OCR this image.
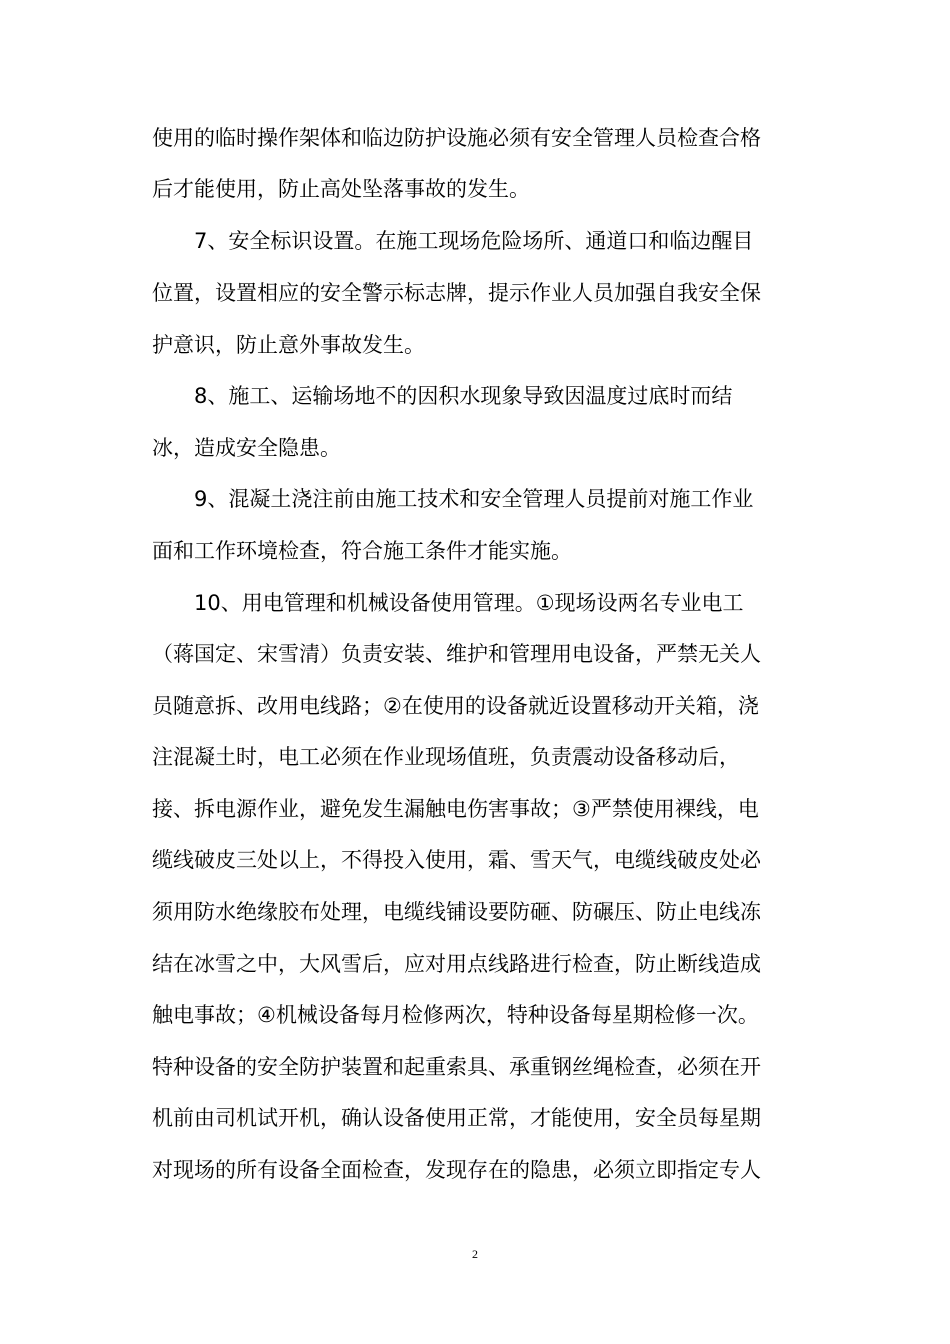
使用的临时操作架体和临边防护设施必须有安全管理人员检查合格
后才能使用，防止高处坠落事故的发生。
7、安全标识设置。在施工现场危险场所、通道口和临边醒目
位置，设置相应的安全警示标志牌，提示作业人员加强自我安全保
护意识，防止意外事故发生。
8、施工、运输场地不的因积水现象导致因温度过底时而结
冰，造成安全隐患。
9、混凝土浇注前由施工技术和安全管理人员提前对施工作业
面和工作环境检查，符合施工条件才能实施。
10、用电管理和机械设备使用管理。①现场设两名专业电工
（蒋国定、宋雪清）负责安装、维护和管理用电设备，严禁无关人
员随意拆、改用电线路；②在使用的设备就近设置移动开关箱，浇
注混凝土时，电工必须在作业现场值班，负责震动设备移动后，
接、拆电源作业，避免发生漏触电伤害事故；③严禁使用裸线，电
缆线破皮三处以上，不得投入使用，霜、雪天气，电缆线破皮处必
须用防水绝缘胶布处理，电缆线铺设要防砸、防碾压、防止电线冻
结在冰雪之中，大风雪后，应对用点线路进行检查，防止断线造成
触电事故；④机械设备每月检修两次，特种设备每星期检修一次。
特种设备的安全防护装置和起重索具、承重钢丝绳检查，必须在开
机前由司机试开机，确认设备使用正常，才能使用，安全员每星期
对现场的所有设备全面检查，发现存在的隐患，必须立即指定专人
2
